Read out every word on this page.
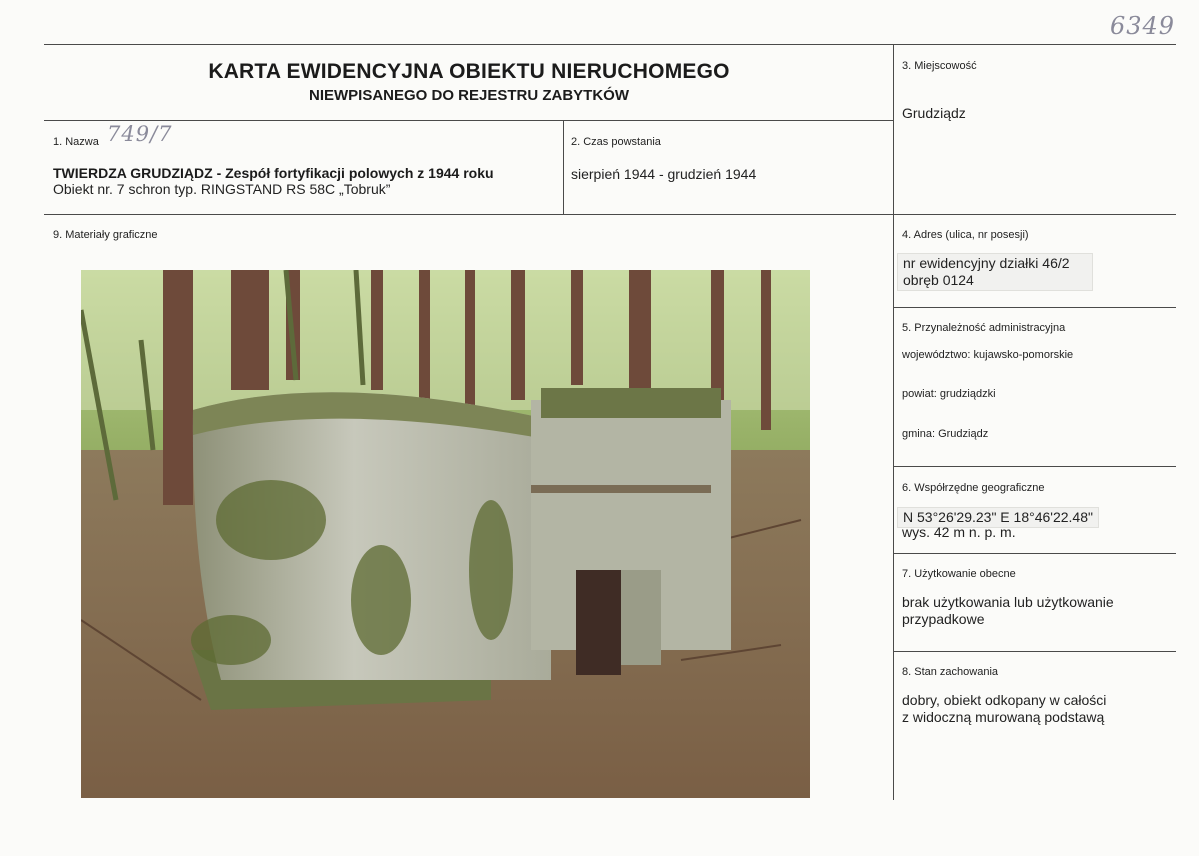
6349
KARTA EWIDENCYJNA OBIEKTU NIERUCHOMEGO
NIEWPISANEGO DO REJESTRU ZABYTKÓW
1. Nazwa 749/7
TWIERDZA GRUDZIĄDZ - Zespół fortyfikacji polowych z 1944 roku
Obiekt nr. 7 schron typ. RINGSTAND RS 58C „Tobruk”
2. Czas powstania
sierpień 1944 - grudzień 1944
3. Miejscowość
Grudziądz
9. Materiały graficzne	4. Adres (ulica, nr posesji)
nr ewidencyjny działki 46/2
obręb 0124
5. Przynależność administracyjna
województwo: kujawsko-pomorskie
powiat: grudziądzki
gmina: Grudziądz
6. Współrzędne geograficzne
N 53°26'29.23" E 18°46'22.48"
wys. 42 m n. p. m.
7. Użytkowanie obecne
brak użytkowania lub użytkowanie
przypadkowe
8. Stan zachowania
dobry, obiekt odkopany w całości
z widoczną murowaną podstawą
